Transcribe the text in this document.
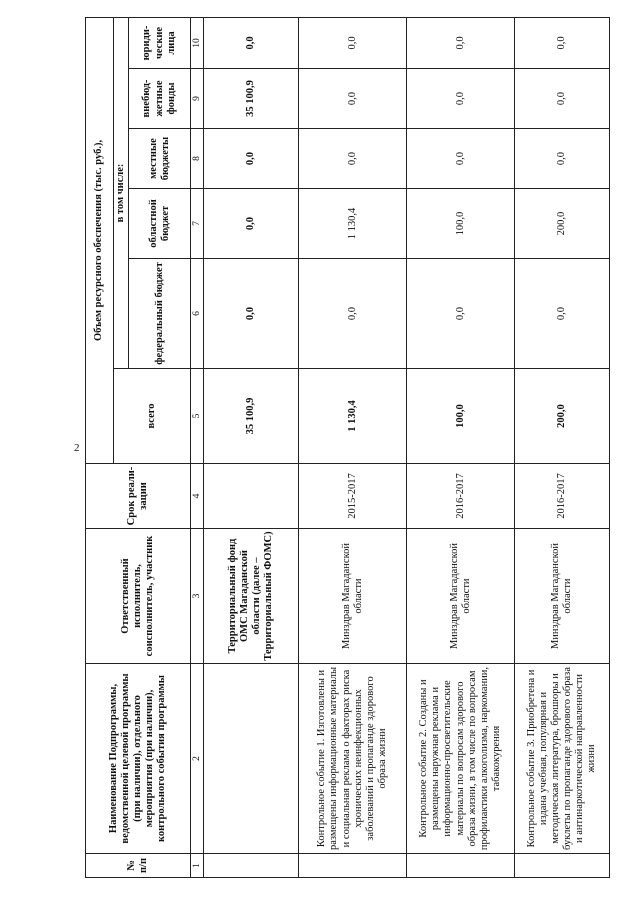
2
№ п/п	Наименование Подпрограммы, ведомственной целевой программы (при наличии), отдельного мероприятия (при наличии), контрольного события программы	Ответственный исполнитель, соисполнитель, участник	Срок реали-зации	Объем ресурсного обеспечения (тыс. руб.),					
				всего	в том числе:				
					федеральный бюджет	областной бюджет	местные бюджеты	внебюд-жетные фонды	юриди-ческие лица
1	2	3	4	5	6	7	8	9	10
		Территориальный фонд ОМС Магаданской области (далее – Территориальный ФОМС)		35 100,9	0,0	0,0	0,0	35 100,9	0,0
	Контрольное событие 1. Изготовлены и размещены информационные материалы и социальная реклама о факторах риска хронических неинфекционных заболеваний и пропаганде здорового образа жизни	Минздрав Магаданской области	2015-2017	1 130,4	0,0	1 130,4	0,0	0,0	0,0
	Контрольное событие 2. Созданы и размещены наружная реклама и информационно-просветительские материалы по вопросам здорового образа жизни, в том числе по вопросам профилактики алкоголизма, наркомании, табакокурения	Минздрав Магаданской области	2016-2017	100,0	0,0	100,0	0,0	0,0	0,0
	Контрольное событие 3. Приобретена и издана учебная, популярная и методическая литература, брошюры и буклеты по пропаганде здорового образа и антинаркотической направленности жизни	Минздрав Магаданской области	2016-2017	200,0	0,0	200,0	0,0	0,0	0,0
